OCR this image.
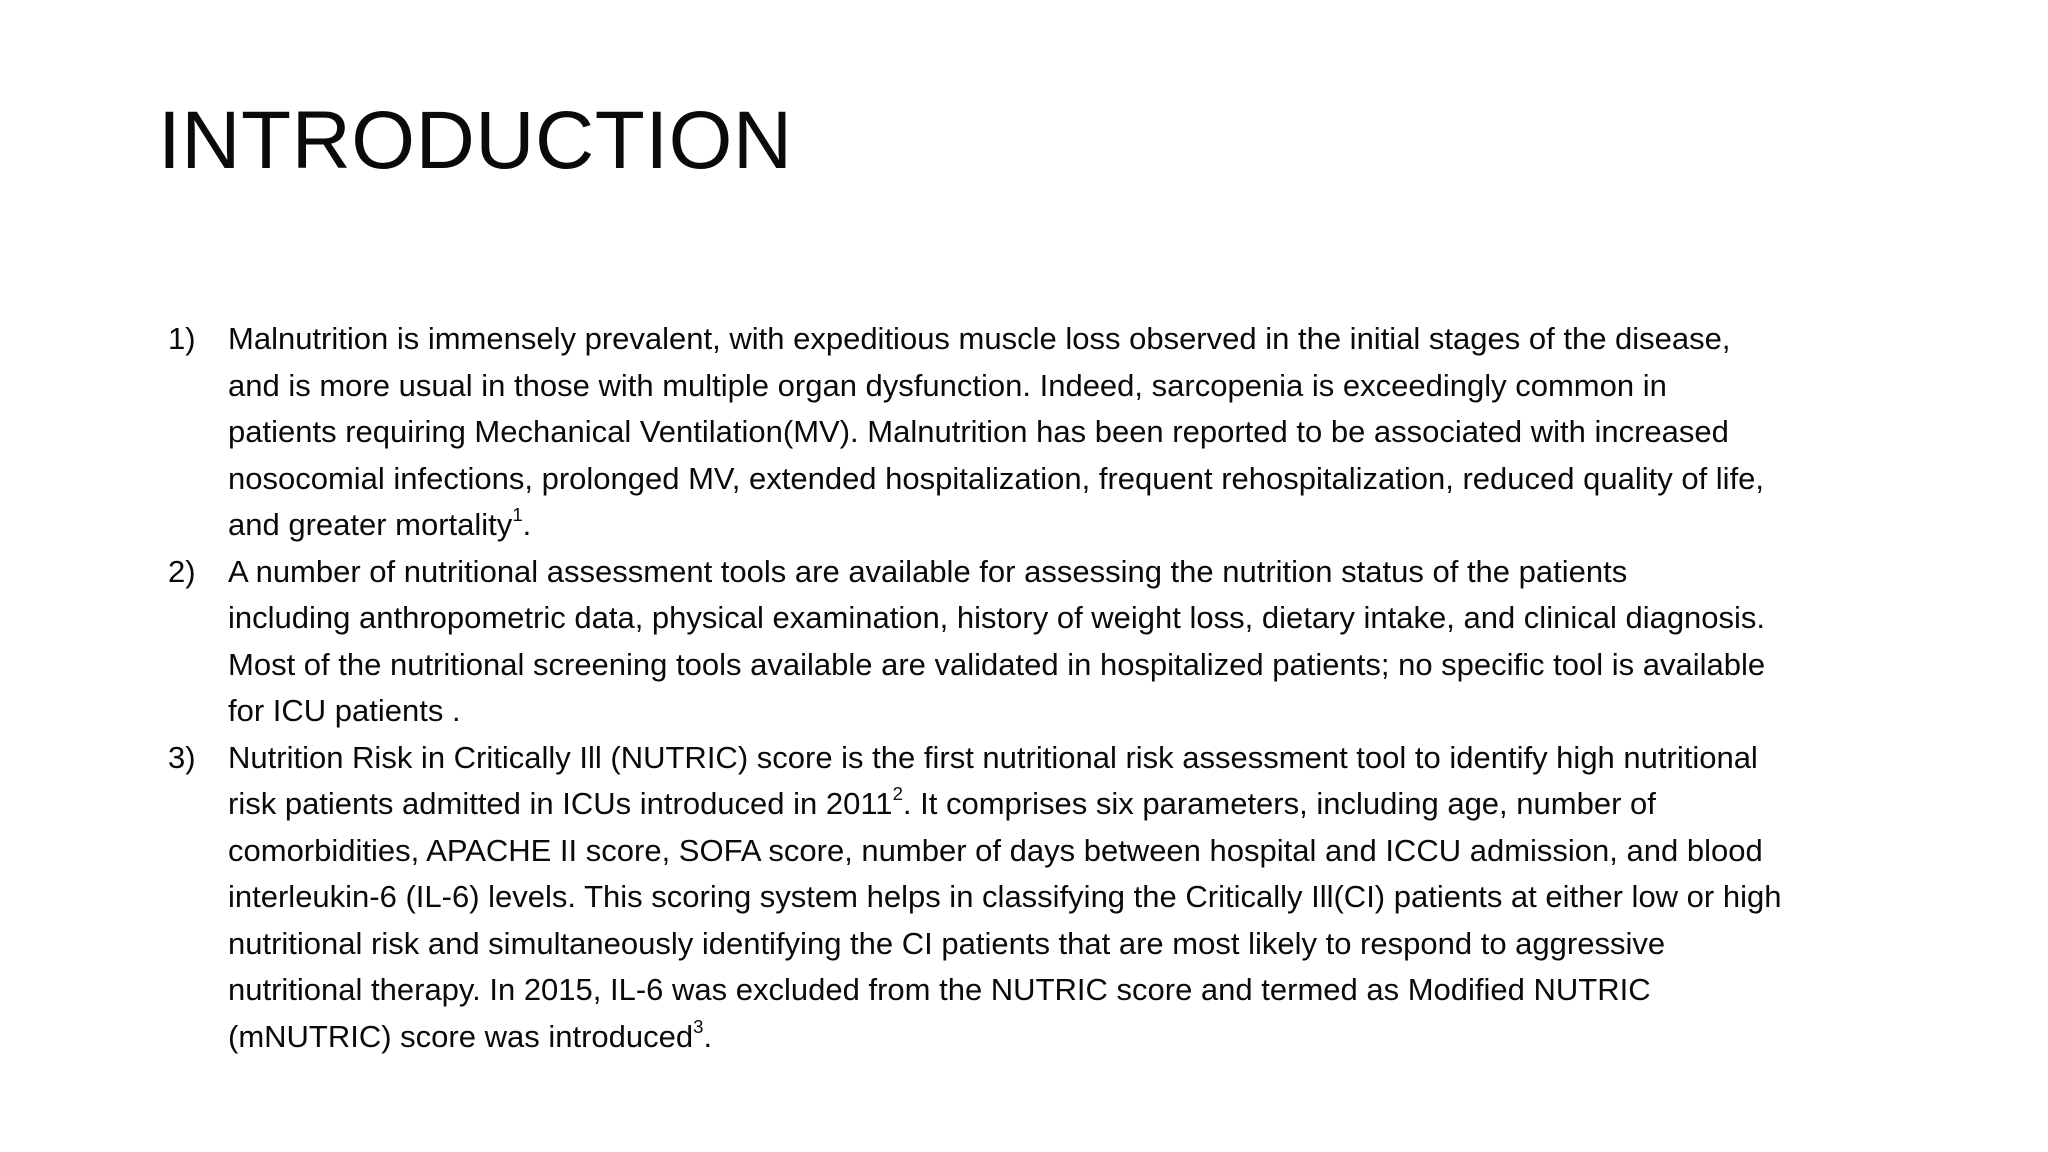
INTRODUCTION
1)	Malnutrition is immensely prevalent, with expeditious muscle loss observed in the initial stages of the disease,
and is more usual in those with multiple organ dysfunction. Indeed, sarcopenia is exceedingly common in
patients requiring Mechanical Ventilation(MV). Malnutrition has been reported to be associated with increased
nosocomial infections, prolonged MV, extended hospitalization, frequent rehospitalization, reduced quality of life,
and greater mortality$^1$.
2)	A number of nutritional assessment tools are available for assessing the nutrition status of the patients
including anthropometric data, physical examination, history of weight loss, dietary intake, and clinical diagnosis.
Most of the nutritional screening tools available are validated in hospitalized patients; no specific tool is available
for ICU patients .
3)	Nutrition Risk in Critically Ill (NUTRIC) score is the first nutritional risk assessment tool to identify high nutritional
risk patients admitted in ICUs introduced in 2011$^2$. It comprises six parameters, including age, number of
comorbidities, APACHE II score, SOFA score, number of days between hospital and ICCU admission, and blood
interleukin-6 (IL-6) levels. This scoring system helps in classifying the Critically Ill(CI) patients at either low or high
nutritional risk and simultaneously identifying the CI patients that are most likely to respond to aggressive
nutritional therapy. In 2015, IL-6 was excluded from the NUTRIC score and termed as Modified NUTRIC
(mNUTRIC) score was introduced$^3$.
